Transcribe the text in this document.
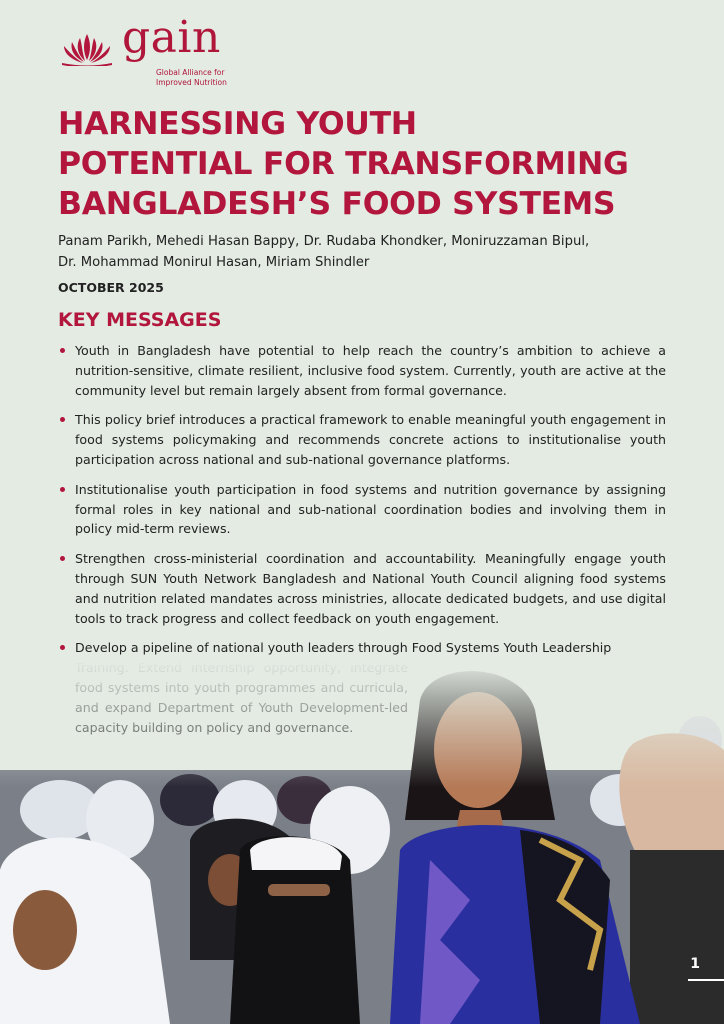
gain
Global Alliance for
Improved Nutrition
HARNESSING YOUTH
POTENTIAL FOR TRANSFORMING
BANGLADESH’S FOOD SYSTEMS
Panam Parikh, Mehedi Hasan Bappy, Dr. Rudaba Khondker, Moniruzzaman Bipul,
Dr. Mohammad Monirul Hasan, Miriam Shindler
OCTOBER 2025
KEY MESSAGES
Youth in Bangladesh have potential to help reach the country’s ambition to achieve a nutrition-sensitive, climate resilient, inclusive food system. Currently, youth are active at the community level but remain largely absent from formal governance.
This policy brief introduces a practical framework to enable meaningful youth engagement in food systems policymaking and recommends concrete actions to institutionalise youth participation across national and sub-national governance platforms.
Institutionalise youth participation in food systems and nutrition governance by assigning formal roles in key national and sub-national coordination bodies and involving them in policy mid-term reviews.
Strengthen cross-ministerial coordination and accountability. Meaningfully engage youth through SUN Youth Network Bangladesh and National Youth Council aligning food systems and nutrition related mandates across ministries, allocate dedicated budgets, and use digital tools to track progress and collect feedback on youth engagement.
Develop a pipeline of national youth leaders through Food Systems Youth Leadership
1
